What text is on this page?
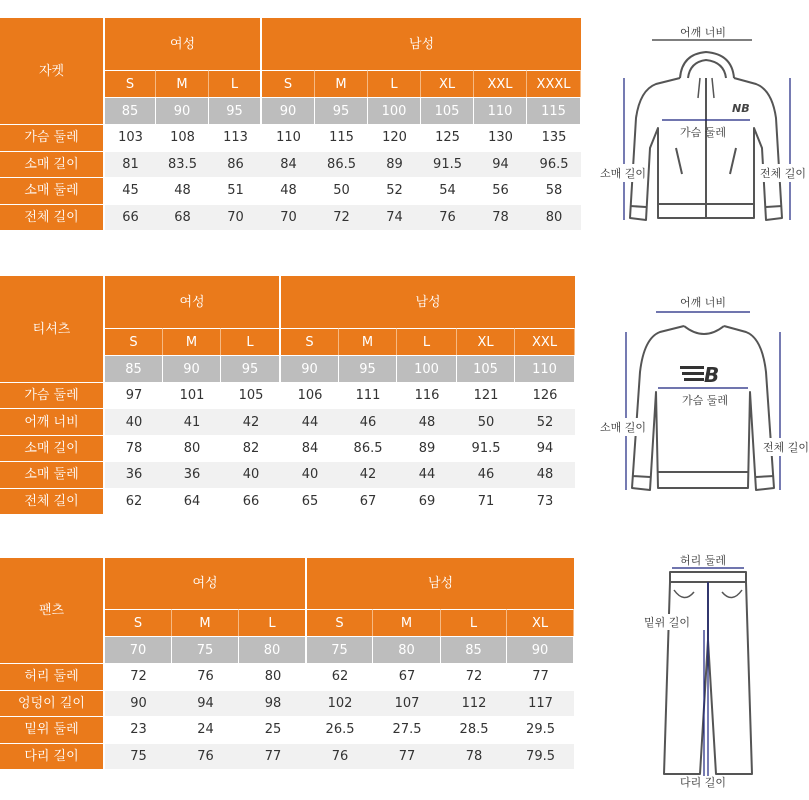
자켓	여성			남성					
	S	M	L	S	M	L	XL	XXL	XXXL
	85	90	95	90	95	100	105	110	115
가슴 둘레	103	108	113	110	115	120	125	130	135
소매 길이	81	83.5	86	84	86.5	89	91.5	94	96.5
소매 둘레	45	48	51	48	50	52	54	56	58
전체 길이	66	68	70	70	72	74	76	78	80
티셔츠	여성			남성				
	S	M	L	S	M	L	XL	XXL
	85	90	95	90	95	100	105	110
가슴 둘레	97	101	105	106	111	116	121	126
어깨 너비	40	41	42	44	46	48	50	52
소매 길이	78	80	82	84	86.5	89	91.5	94
소매 둘레	36	36	40	40	42	44	46	48
전체 길이	62	64	66	65	67	69	71	73
팬츠	여성			남성			
	S	M	L	S	M	L	XL
	70	75	80	75	80	85	90
허리 둘레	72	76	80	62	67	72	77
엉덩이 길이	90	94	98	102	107	112	117
밑위 둘레	23	24	25	26.5	27.5	28.5	29.5
다리 길이	75	76	77	76	77	78	79.5
어깨 너비
NB
가슴 둘레
소매 길이	전체 길이
어깨 너비
B
가슴 둘레
소매 길이
전체 길이
허리 둘레
밑위 길이
다리 길이
